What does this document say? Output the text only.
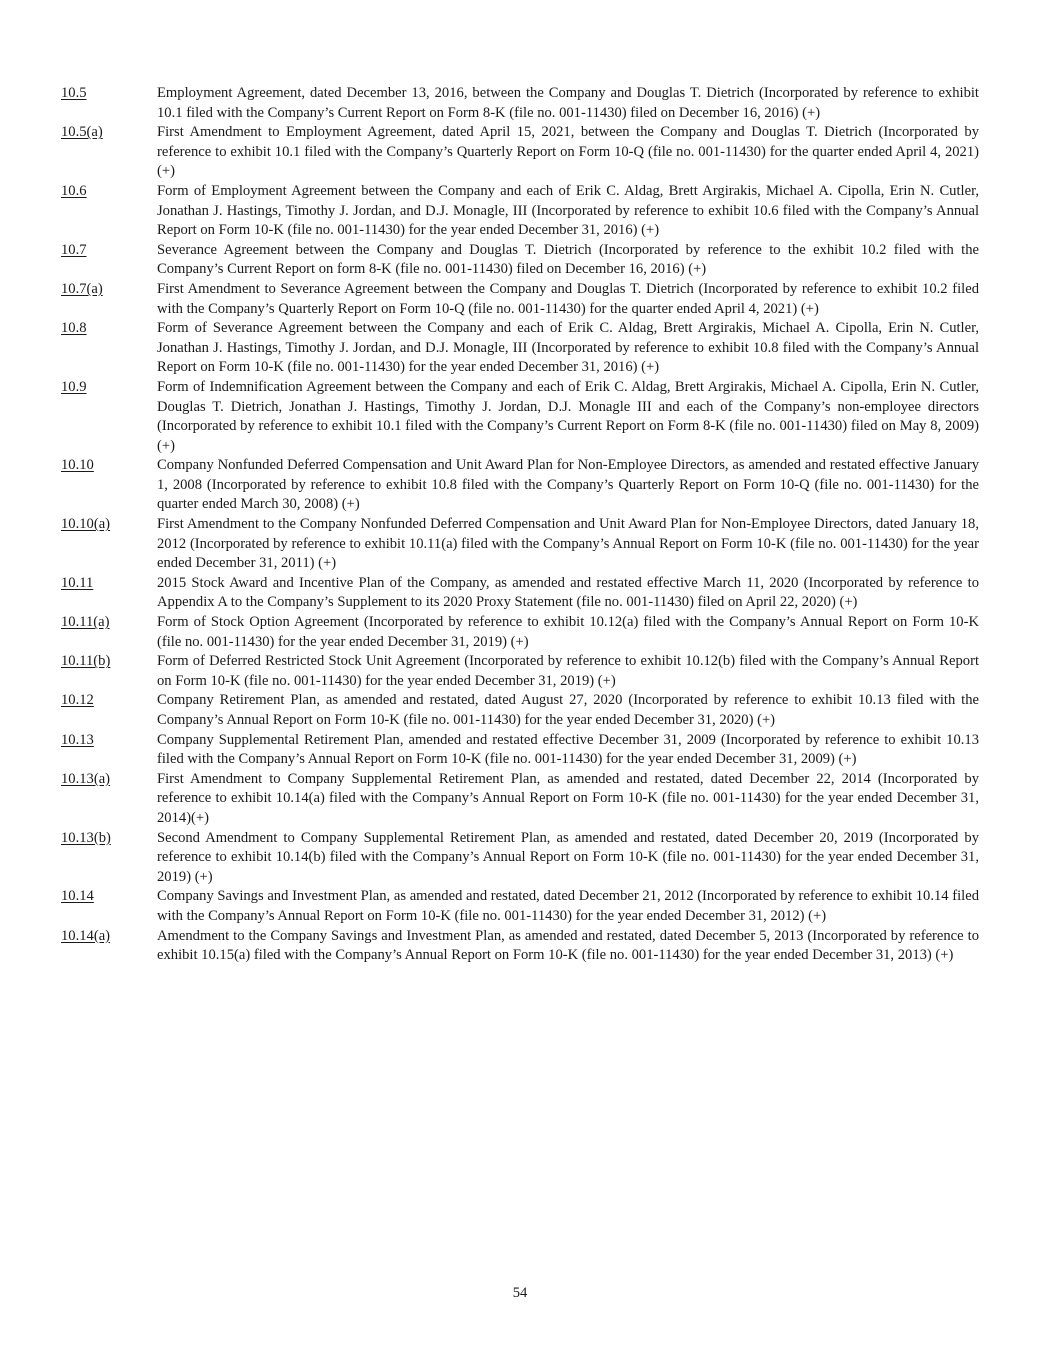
10.5	Employment Agreement, dated December 13, 2016, between the Company and Douglas T. Dietrich (Incorporated by reference to exhibit 10.1 filed with the Company’s Current Report on Form 8-K (file no. 001-11430) filed on December 16, 2016) (+)
10.5(a)	First Amendment to Employment Agreement, dated April 15, 2021, between the Company and Douglas T. Dietrich (Incorporated by reference to exhibit 10.1 filed with the Company’s Quarterly Report on Form 10-Q (file no. 001-11430) for the quarter ended April 4, 2021) (+)
10.6	Form of Employment Agreement between the Company and each of Erik C. Aldag, Brett Argirakis, Michael A. Cipolla, Erin N. Cutler, Jonathan J. Hastings, Timothy J. Jordan, and D.J. Monagle, III (Incorporated by reference to exhibit 10.6 filed with the Company’s Annual Report on Form 10-K (file no. 001-11430) for the year ended December 31, 2016) (+)
10.7	Severance Agreement between the Company and Douglas T. Dietrich (Incorporated by reference to the exhibit 10.2 filed with the Company’s Current Report on form 8-K (file no. 001-11430) filed on December 16, 2016) (+)
10.7(a)	First Amendment to Severance Agreement between the Company and Douglas T. Dietrich (Incorporated by reference to exhibit 10.2 filed with the Company’s Quarterly Report on Form 10-Q (file no. 001-11430) for the quarter ended April 4, 2021) (+)
10.8	Form of Severance Agreement between the Company and each of Erik C. Aldag, Brett Argirakis, Michael A. Cipolla, Erin N. Cutler, Jonathan J. Hastings, Timothy J. Jordan, and D.J. Monagle, III (Incorporated by reference to exhibit 10.8 filed with the Company’s Annual Report on Form 10-K (file no. 001-11430) for the year ended December 31, 2016) (+)
10.9	Form of Indemnification Agreement between the Company and each of Erik C. Aldag, Brett Argirakis, Michael A. Cipolla, Erin N. Cutler, Douglas T. Dietrich, Jonathan J. Hastings, Timothy J. Jordan, D.J. Monagle III and each of the Company’s non-employee directors (Incorporated by reference to exhibit 10.1 filed with the Company’s Current Report on Form 8-K (file no. 001-11430) filed on May 8, 2009) (+)
10.10	Company Nonfunded Deferred Compensation and Unit Award Plan for Non-Employee Directors, as amended and restated effective January 1, 2008 (Incorporated by reference to exhibit 10.8 filed with the Company’s Quarterly Report on Form 10-Q (file no. 001-11430) for the quarter ended March 30, 2008) (+)
10.10(a)	First Amendment to the Company Nonfunded Deferred Compensation and Unit Award Plan for Non-Employee Directors, dated January 18, 2012 (Incorporated by reference to exhibit 10.11(a) filed with the Company’s Annual Report on Form 10-K (file no. 001-11430) for the year ended December 31, 2011) (+)
10.11	2015 Stock Award and Incentive Plan of the Company, as amended and restated effective March 11, 2020 (Incorporated by reference to Appendix A to the Company’s Supplement to its 2020 Proxy Statement (file no. 001-11430) filed on April 22, 2020) (+)
10.11(a)	Form of Stock Option Agreement (Incorporated by reference to exhibit 10.12(a) filed with the Company’s Annual Report on Form 10-K (file no. 001-11430) for the year ended December 31, 2019) (+)
10.11(b)	Form of Deferred Restricted Stock Unit Agreement (Incorporated by reference to exhibit 10.12(b) filed with the Company’s Annual Report on Form 10-K (file no. 001-11430) for the year ended December 31, 2019) (+)
10.12	Company Retirement Plan, as amended and restated, dated August 27, 2020 (Incorporated by reference to exhibit 10.13 filed with the Company’s Annual Report on Form 10-K (file no. 001-11430) for the year ended December 31, 2020) (+)
10.13	Company Supplemental Retirement Plan, amended and restated effective December 31, 2009 (Incorporated by reference to exhibit 10.13 filed with the Company’s Annual Report on Form 10-K (file no. 001-11430) for the year ended December 31, 2009) (+)
10.13(a)	First Amendment to Company Supplemental Retirement Plan, as amended and restated, dated December 22, 2014 (Incorporated by reference to exhibit 10.14(a) filed with the Company’s Annual Report on Form 10-K (file no. 001-11430) for the year ended December 31, 2014)(+)
10.13(b)	Second Amendment to Company Supplemental Retirement Plan, as amended and restated, dated December 20, 2019 (Incorporated by reference to exhibit 10.14(b) filed with the Company’s Annual Report on Form 10-K (file no. 001-11430) for the year ended December 31, 2019) (+)
10.14	Company Savings and Investment Plan, as amended and restated, dated December 21, 2012 (Incorporated by reference to exhibit 10.14 filed with the Company’s Annual Report on Form 10-K (file no. 001-11430) for the year ended December 31, 2012) (+)
10.14(a)	Amendment to the Company Savings and Investment Plan, as amended and restated, dated December 5, 2013 (Incorporated by reference to exhibit 10.15(a) filed with the Company’s Annual Report on Form 10-K (file no. 001-11430) for the year ended December 31, 2013) (+)
54
